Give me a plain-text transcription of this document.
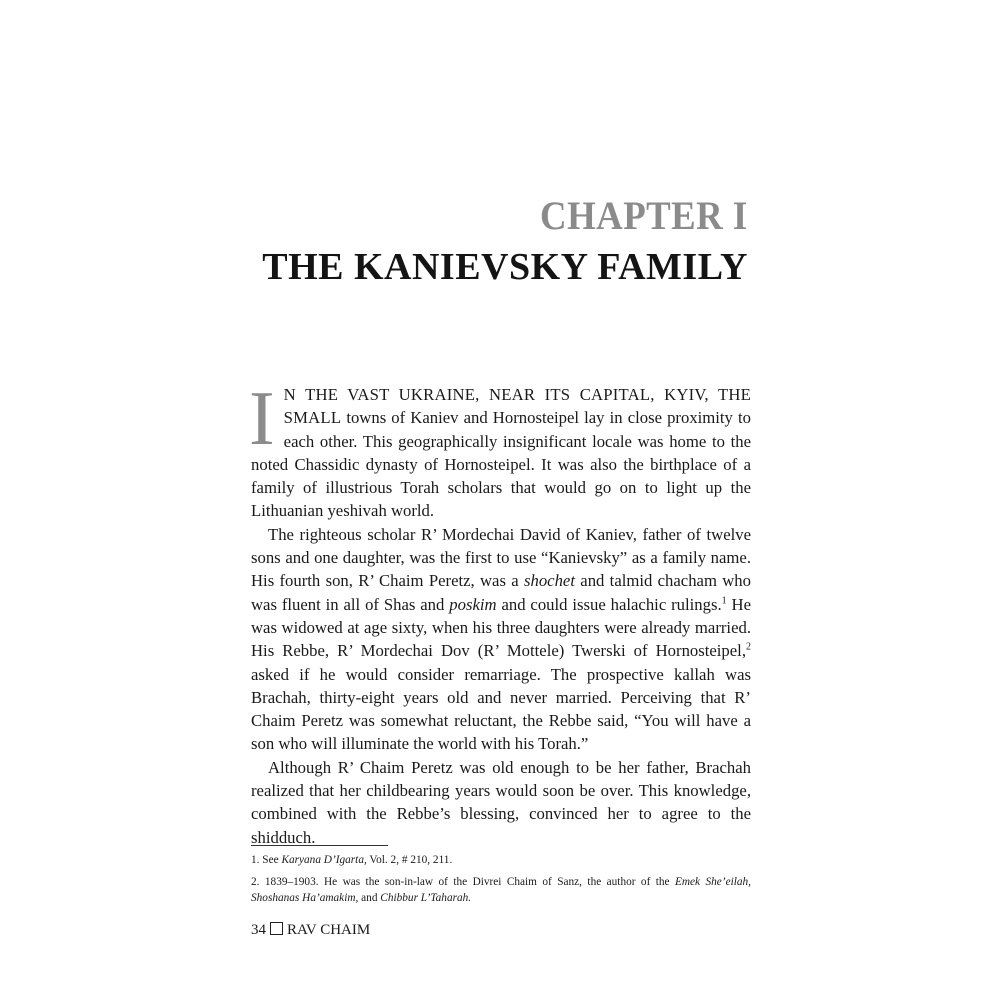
CHAPTER I
THE KANIEVSKY FAMILY

I N THE VAST UKRAINE, NEAR ITS CAPITAL, KYIV, THE SMALL towns of Kaniev and Hornosteipel lay in close proximity to each other. This geographically insignificant locale was home to the noted Chassidic dynasty of Hornosteipel. It was also the birthplace of a family of illustrious Torah scholars that would go on to light up the Lithuanian yeshivah world.

The righteous scholar R’ Mordechai David of Kaniev, father of twelve sons and one daughter, was the first to use “Kanievsky” as a family name. His fourth son, R’ Chaim Peretz, was a shochet and talmid chacham who was fluent in all of Shas and poskim and could issue halachic rulings.$^1$ He was widowed at age sixty, when his three daughters were already married. His Rebbe, R’ Mordechai Dov (R’ Mottele) Twerski of Hornosteipel,$^2$ asked if he would consider remarriage. The prospective kallah was Brachah, thirty-eight years old and never married. Perceiving that R’ Chaim Peretz was somewhat reluctant, the Rebbe said, “You will have a son who will illuminate the world with his Torah.”

Although R’ Chaim Peretz was old enough to be her father, Brachah realized that her childbearing years would soon be over. This knowledge, combined with the Rebbe’s blessing, convinced her to agree to the shidduch.

1. See Karyana D’Igarta, Vol. 2, # 210, 211.

2. 1839–1903. He was the son-in-law of the Divrei Chaim of Sanz, the author of the Emek She’eilah, Shoshanas Ha’amakim, and Chibbur L’Taharah.

34 RAV CHAIM
